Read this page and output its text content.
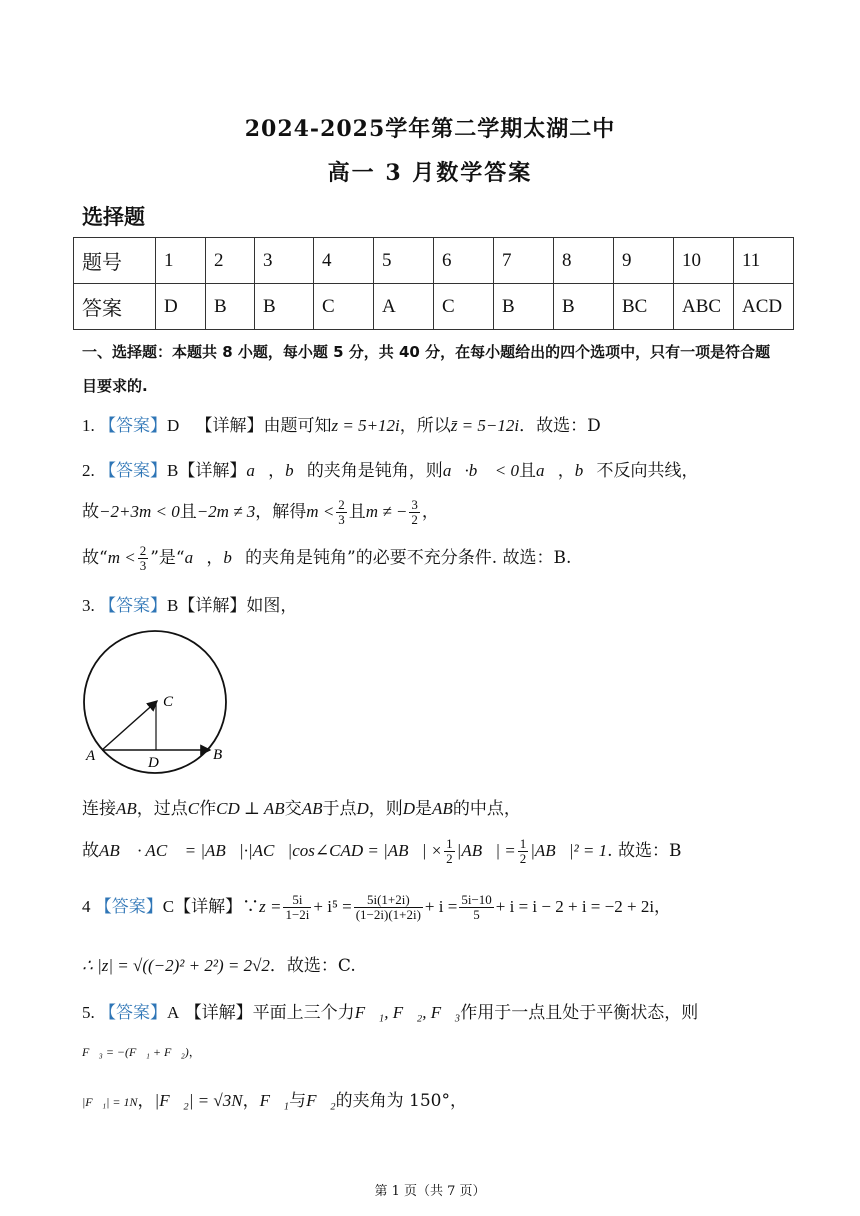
2024-2025学年第二学期太湖二中
高一 3 月数学答案
选择题
题号	1	2	3	4	5	6	7	8	9	10	11
答案	D	B	B	C	A	C	B	B	BC	ABC	ACD
一、选择题：本题共 8 小题，每小题 5 分，共 40 分，在每小题给出的四个选项中，只有一项是符合题目要求的.
1. 【答案】D 【详解】由题可知z = 5+12i，所以z̄ = 5−12i．故选：D
2. 【答案】B【详解】a⃗，b⃗的夹角是钝角，则a⃗·b⃗ < 0且a⃗，b⃗不反向共线，
故−2+3m < 0且−2m ≠ 3，解得$m < \frac{2}{3}$ 且m ≠ − $\frac{3}{2}$ ，
故“$m < \frac{2}{3}$ ”是“a⃗，b⃗的夹角是钝角”的必要不充分条件. 故选：B.
3. 【答案】B【详解】如图，
C
A	D	B
连接AB，过点C作CD ⊥ AB交AB于点D，则D是AB的中点，
故AB⃗ · AC⃗ = |AB⃗|·|AC⃗|cos∠CAD = |AB⃗| × $\frac{1}{2}$ |AB⃗| = $\frac{1}{2}$ |AB⃗|² = 1. 故选：B
4 【答案】C【详解】∵z = $\frac{5i}{1-2i} + i^5 = \frac{5i(1+2i)}{(1-2i)(1+2i)} + i = \frac{5i-10}{5} + i = i - 2 + i = -2 + 2i$，
∴ |z| = √((−2)² + 2²) = 2√2．故选：C.
5. 【答案】A 【详解】平面上三个力F⃗₁, F⃗₂, F⃗₃作用于一点且处于平衡状态，则
F⃗₃ = −(F⃗₁ + F⃗₂)，
|F⃗₁| = 1N，|F⃗₂| = √3N，F⃗₁与F⃗₂的夹角为 150°，
第 1 页（共 7 页）
